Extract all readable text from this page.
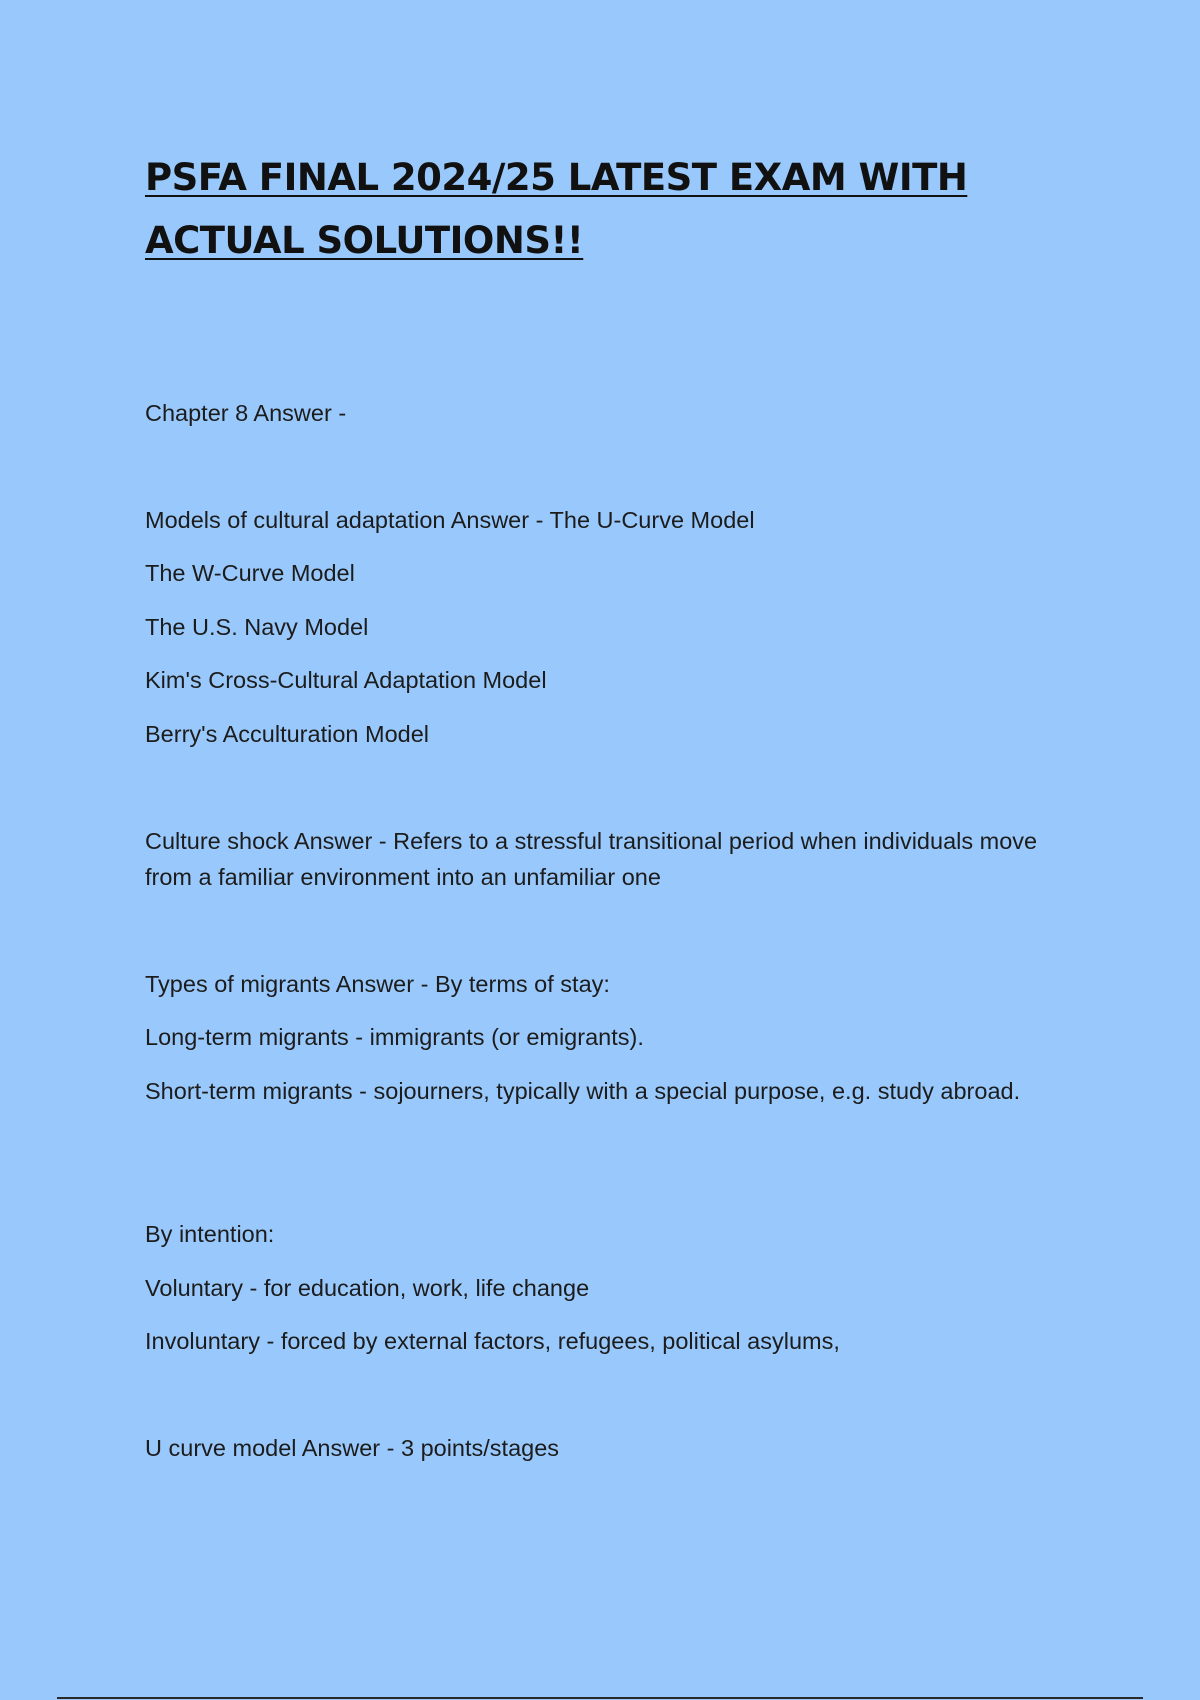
PSFA FINAL 2024/25 LATEST EXAM WITH ACTUAL SOLUTIONS!!

Chapter 8 Answer -

Models of cultural adaptation Answer - The U-Curve Model

The W-Curve Model

The U.S. Navy Model

Kim's Cross-Cultural Adaptation Model

Berry's Acculturation Model

Culture shock Answer - Refers to a stressful transitional period when individuals move from a familiar environment into an unfamiliar one

Types of migrants Answer - By terms of stay:

Long-term migrants - immigrants (or emigrants).

Short-term migrants - sojourners, typically with a special purpose, e.g. study abroad.

By intention:

Voluntary - for education, work, life change

Involuntary - forced by external factors, refugees, political asylums,

U curve model Answer - 3 points/stages
